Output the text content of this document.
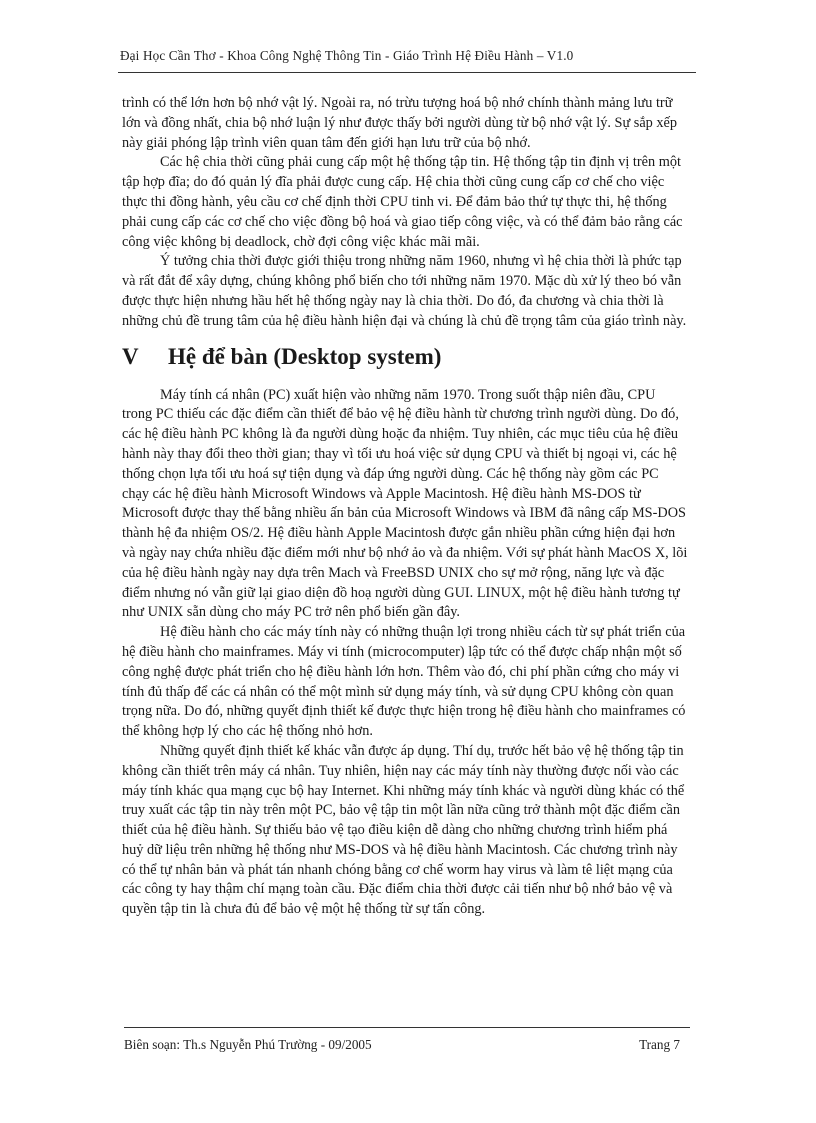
Đại Học Cần Thơ - Khoa Công Nghệ Thông Tin - Giáo Trình Hệ Điều Hành – V1.0

trình có thể lớn hơn bộ nhớ vật lý. Ngoài ra, nó trừu tượng hoá bộ nhớ chính thành mảng lưu trữ lớn và đồng nhất, chia bộ nhớ luận lý như được thấy bởi người dùng từ bộ nhớ vật lý. Sự sắp xếp này giải phóng lập trình viên quan tâm đến giới hạn lưu trữ của bộ nhớ.

Các hệ chia thời cũng phải cung cấp một hệ thống tập tin. Hệ thống tập tin định vị trên một tập hợp đĩa; do đó quản lý đĩa phải được cung cấp. Hệ chia thời cũng cung cấp cơ chế cho việc thực thi đồng hành, yêu cầu cơ chế định thời CPU tinh vi. Để đảm bảo thứ tự thực thi, hệ thống phải cung cấp các cơ chế cho việc đồng bộ hoá và giao tiếp công việc, và có thể đảm bảo rằng các công việc không bị deadlock, chờ đợi công việc khác mãi mãi.

Ý tưởng chia thời được giới thiệu trong những năm 1960, nhưng vì hệ chia thời là phức tạp và rất đắt để xây dựng, chúng không phổ biến cho tới những năm 1970. Mặc dù xử lý theo bó vẫn được thực hiện nhưng hầu hết hệ thống ngày nay là chia thời. Do đó, đa chương và chia thời là những chủ đề trung tâm của hệ điều hành hiện đại và chúng là chủ đề trọng tâm của giáo trình này.

V	Hệ để bàn (Desktop system)

Máy tính cá nhân (PC) xuất hiện vào những năm 1970. Trong suốt thập niên đầu, CPU trong PC thiếu các đặc điểm cần thiết để bảo vệ hệ điều hành từ chương trình người dùng. Do đó, các hệ điều hành PC không là đa người dùng hoặc đa nhiệm. Tuy nhiên, các mục tiêu của hệ điều hành này thay đổi theo thời gian; thay vì tối ưu hoá việc sử dụng CPU và thiết bị ngoại vi, các hệ thống chọn lựa tối ưu hoá sự tiện dụng và đáp ứng người dùng. Các hệ thống này gồm các PC chạy các hệ điều hành Microsoft Windows và Apple Macintosh. Hệ điều hành MS-DOS từ Microsoft được thay thế bằng nhiều ấn bản của Microsoft Windows và IBM đã nâng cấp MS-DOS thành hệ đa nhiệm OS/2. Hệ điều hành Apple Macintosh được gắn nhiều phần cứng hiện đại hơn và ngày nay chứa nhiều đặc điểm mới như bộ nhớ ảo và đa nhiệm. Với sự phát hành MacOS X, lõi của hệ điều hành ngày nay dựa trên Mach và FreeBSD UNIX cho sự mở rộng, năng lực và đặc điểm nhưng nó vẫn giữ lại giao diện đồ hoạ người dùng GUI. LINUX, một hệ điều hành tương tự như UNIX sẵn dùng cho máy PC trở nên phổ biến gần đây.

Hệ điều hành cho các máy tính này có những thuận lợi trong nhiều cách từ sự phát triển của hệ điều hành cho mainframes. Máy vi tính (microcomputer) lập tức có thể được chấp nhận một số công nghệ được phát triển cho hệ điều hành lớn hơn. Thêm vào đó, chi phí phần cứng cho máy vi tính đủ thấp để các cá nhân có thể một mình sử dụng máy tính, và sử dụng CPU không còn quan trọng nữa. Do đó, những quyết định thiết kế được thực hiện trong hệ điều hành cho mainframes có thể không hợp lý cho các hệ thống nhỏ hơn.

Những quyết định thiết kế khác vẫn được áp dụng. Thí dụ, trước hết bảo vệ hệ thống tập tin không cần thiết trên máy cá nhân. Tuy nhiên, hiện nay các máy tính này thường được nối vào các máy tính khác qua mạng cục bộ hay Internet. Khi những máy tính khác và người dùng khác có thể truy xuất các tập tin này trên một PC, bảo vệ tập tin một lần nữa cũng trở thành một đặc điểm cần thiết của hệ điều hành. Sự thiếu bảo vệ tạo điều kiện dễ dàng cho những chương trình hiểm phá huỷ dữ liệu trên những hệ thống như MS-DOS và hệ điều hành Macintosh. Các chương trình này có thể tự nhân bản và phát tán nhanh chóng bằng cơ chế worm hay virus và làm tê liệt mạng của các công ty hay thậm chí mạng toàn cầu. Đặc điểm chia thời được cải tiến như bộ nhớ bảo vệ và quyền tập tin là chưa đủ để bảo vệ một hệ thống từ sự tấn công.

Biên soạn: Th.s Nguyễn Phú Trường - 09/2005	Trang 7
